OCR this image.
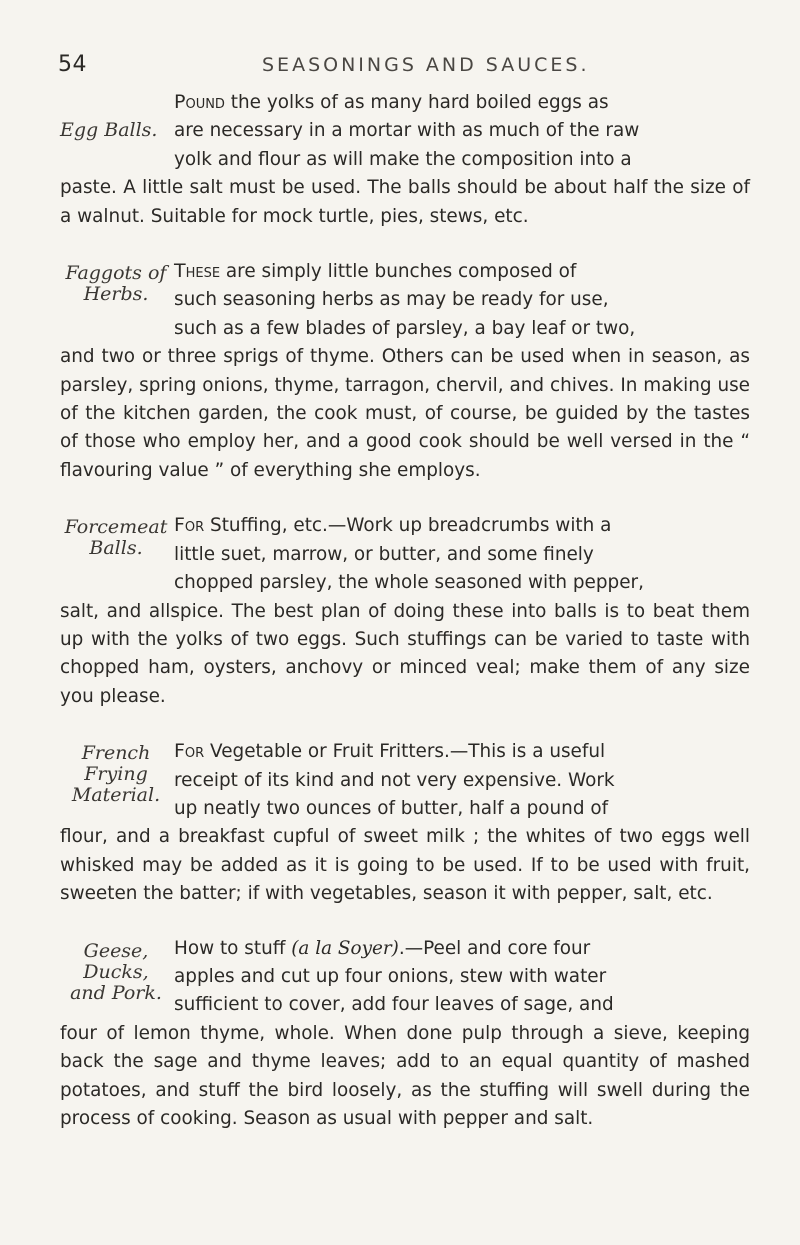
54	SEASONINGS AND SAUCES.
Egg Balls.

Pound the yolks of as many hard boiled eggs as
are necessary in a mortar with as much of the raw
yolk and flour as will make the composition into a
paste. A little salt must be used. The balls should be about half the size of a walnut. Suitable for mock turtle, pies, stews, etc.

Faggots of
Herbs.

These are simply little bunches composed of
such seasoning herbs as may be ready for use,
such as a few blades of parsley, a bay leaf or two,
and two or three sprigs of thyme. Others can be used when in season, as parsley, spring onions, thyme, tarragon, chervil, and chives. In making use of the kitchen garden, the cook must, of course, be guided by the tastes of those who employ her, and a good cook should be well versed in the “ flavouring value ” of everything she employs.

Forcemeat
Balls.

For Stuffing, etc.—Work up breadcrumbs with a
little suet, marrow, or butter, and some finely
chopped parsley, the whole seasoned with pepper,
salt, and allspice. The best plan of doing these into balls is to beat them up with the yolks of two eggs. Such stuffings can be varied to taste with chopped ham, oysters, anchovy or minced veal; make them of any size you please.

French Frying
Material.

For Vegetable or Fruit Fritters.—This is a useful
receipt of its kind and not very expensive. Work
up neatly two ounces of butter, half a pound of
flour, and a breakfast cupful of sweet milk ; the whites of two eggs well whisked may be added as it is going to be used. If to be used with fruit, sweeten the batter; if with vegetables, season it with pepper, salt, etc.

Geese, Ducks,
and Pork.

How to stuff (a la Soyer).—Peel and core four
apples and cut up four onions, stew with water
sufficient to cover, add four leaves of sage, and
four of lemon thyme, whole. When done pulp through a sieve, keeping back the sage and thyme leaves; add to an equal quantity of mashed potatoes, and stuff the bird loosely, as the stuffing will swell during the process of cooking. Season as usual with pepper and salt.
